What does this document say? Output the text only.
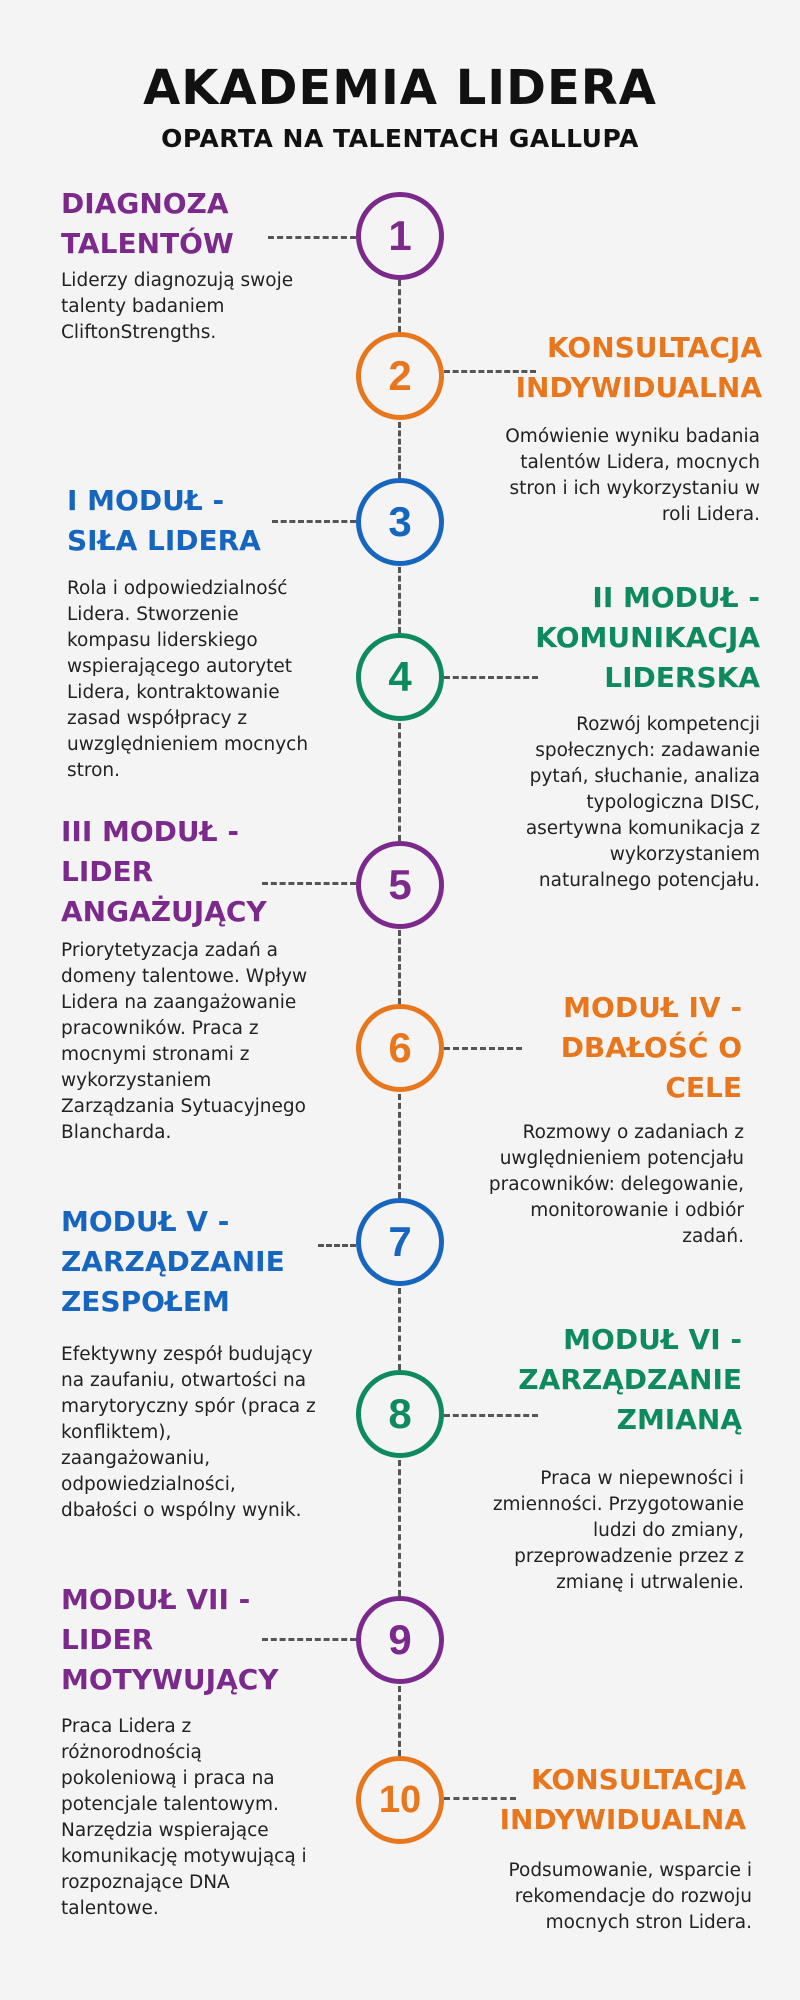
AKADEMIA LIDERA
OPARTA NA TALENTACH GALLUPA
1
DIAGNOZA
TALENTÓW
Liderzy diagnozują swoje
talenty badaniem
CliftonStrengths.
2
KONSULTACJA
INDYWIDUALNA
Omówienie wyniku badania
talentów Lidera, mocnych
stron i ich wykorzystaniu w
roli Lidera.
3
I MODUŁ -
SIŁA LIDERA
Rola i odpowiedzialność
Lidera. Stworzenie
kompasu liderskiego
wspierającego autorytet
Lidera, kontraktowanie
zasad współpracy z
uwzględnieniem mocnych
stron.
4
II MODUŁ -
KOMUNIKACJA
LIDERSKA
Rozwój kompetencji
społecznych: zadawanie
pytań, słuchanie, analiza
typologiczna DISC,
asertywna komunikacja z
wykorzystaniem
naturalnego potencjału.
5
III MODUŁ -
LIDER
ANGAŻUJĄCY
Priorytetyzacja zadań a
domeny talentowe. Wpływ
Lidera na zaangażowanie
pracowników. Praca z
mocnymi stronami z
wykorzystaniem
Zarządzania Sytuacyjnego
Blancharda.
6
MODUŁ IV -
DBAŁOŚĆ O
CELE
Rozmowy o zadaniach z
uwględnieniem potencjału
pracowników: delegowanie,
monitorowanie i odbiór
zadań.
7
MODUŁ V -
ZARZĄDZANIE
ZESPOŁEM
Efektywny zespół budujący
na zaufaniu, otwartości na
marytoryczny spór (praca z
konfliktem),
zaangażowaniu,
odpowiedzialności,
dbałości o wspólny wynik.
8
MODUŁ VI -
ZARZĄDZANIE
ZMIANĄ
Praca w niepewności i
zmienności. Przygotowanie
ludzi do zmiany,
przeprowadzenie przez z
zmianę i utrwalenie.
9
MODUŁ VII -
LIDER
MOTYWUJĄCY
Praca Lidera z
różnorodnością
pokoleniową i praca na
potencjale talentowym.
Narzędzia wspierające
komunikację motywującą i
rozpoznające DNA
talentowe.
10	KONSULTACJA
INDYWIDUALNA
Podsumowanie, wsparcie i
rekomendacje do rozwoju
mocnych stron Lidera.
